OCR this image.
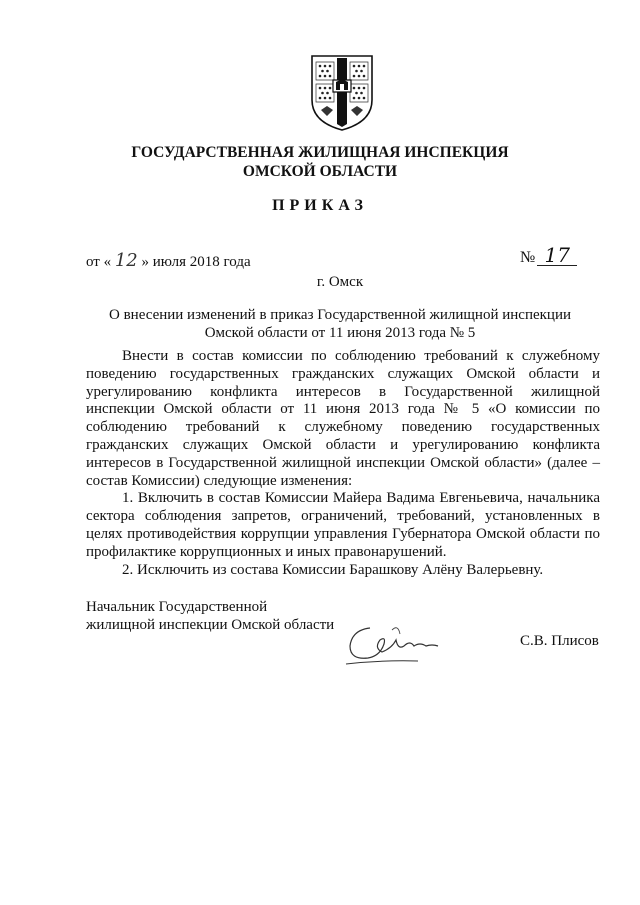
ГОСУДАРСТВЕННАЯ ЖИЛИЩНАЯ ИНСПЕКЦИЯ
ОМСКОЙ ОБЛАСТИ
ПРИКАЗ
от « 12 » июля 2018 года	№ 17
г. Омск
О внесении изменений в приказ Государственной жилищной инспекции
Омской области от 11 июня 2013 года № 5

Внести в состав комиссии по соблюдению требований к служебному поведению государственных гражданских служащих Омской области и урегулированию конфликта интересов в Государственной жилищной инспекции Омской области от 11 июня 2013 года № 5 «О комиссии по соблюдению требований к служебному поведению государственных гражданских служащих Омской области и урегулированию конфликта интересов в Государственной жилищной инспекции Омской области» (далее – состав Комиссии) следующие изменения:

1. Включить в состав Комиссии Майера Вадима Евгеньевича, начальника сектора соблюдения запретов, ограничений, требований, установленных в целях противодействия коррупции управления Губернатора Омской области по профилактике коррупционных и иных правонарушений.

2. Исключить из состава Комиссии Барашкову Алёну Валерьевну.

Начальник Государственной
жилищной инспекции Омской области
С.В. Плисов
